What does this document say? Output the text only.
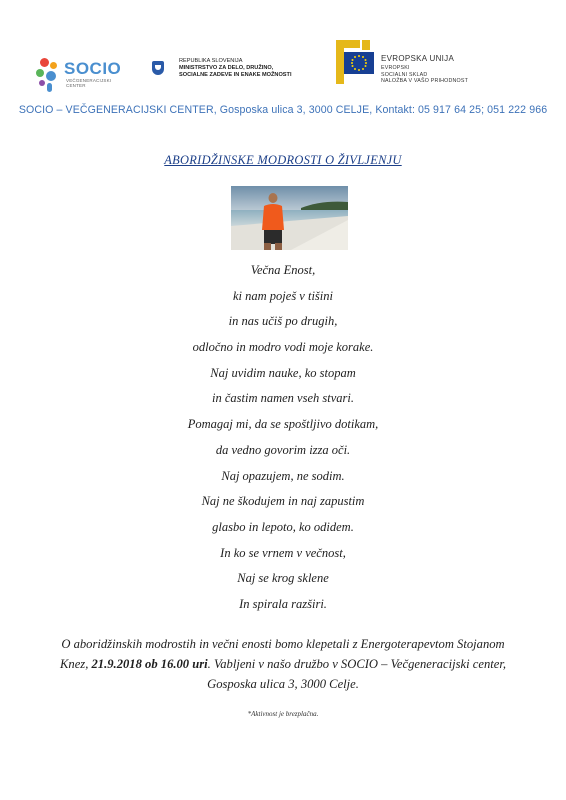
SOCIO
VEČGENERACIJSKI CENTER
REPUBLIKA SLOVENIJA
MINISTRSTVO ZA DELO, DRUŽINO,
SOCIALNE ZADEVE IN ENAKE MOŽNOSTI
EVROPSKA UNIJA
EVROPSKI
SOCIALNI SKLAD
NALOŽBA V VAŠO PRIHODNOST
SOCIO – VEČGENERACIJSKI CENTER, Gosposka ulica 3, 3000 CELJE, Kontakt: 05 917 64 25; 051 222 966
ABORIDŽINSKE MODROSTI O ŽIVLJENJU
Večna Enost,
ki nam poješ v tišini
in nas učiš po drugih,
odločno in modro vodi moje korake.
Naj uvidim nauke, ko stopam
in častim namen vseh stvari.
Pomagaj mi, da se spoštljivo dotikam,
da vedno govorim izza oči.
Naj opazujem, ne sodim.
Naj ne škodujem in naj zapustim
glasbo in lepoto, ko odidem.
In ko se vrnem v večnost,
Naj se krog sklene
In spirala razširi.
O aboridžinskih modrostih in večni enosti bomo klepetali z Energoterapevtom Stojanom
Knez, 21.9.2018 ob 16.00 uri. Vabljeni v našo družbo v SOCIO – Večgeneracijski center,
Gosposka ulica 3, 3000 Celje.
*Aktivnost je brezplačna.
